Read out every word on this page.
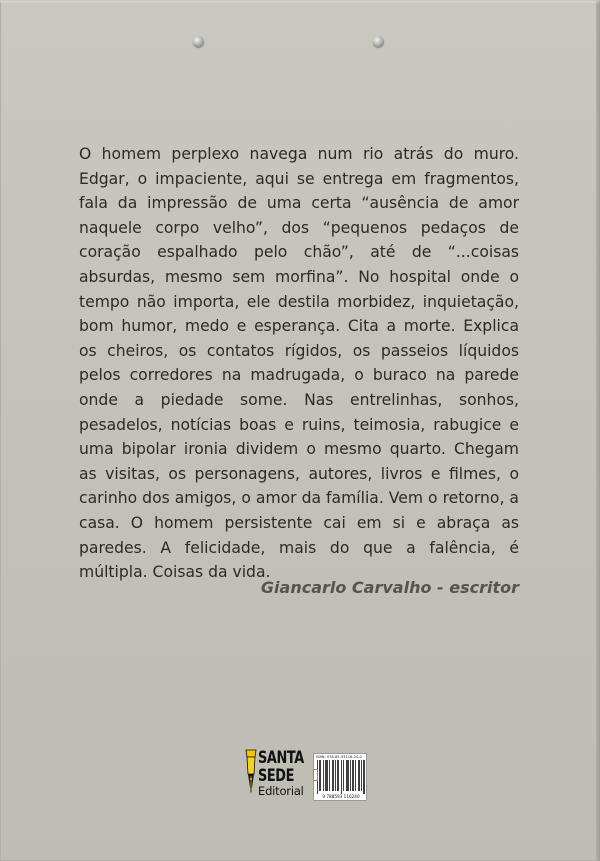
O homem perplexo navega num rio atrás do muro. Edgar, o impaciente, aqui se entrega em fragmentos, fala da impressão de uma certa “ausência de amor naquele corpo velho”, dos “pequenos pedaços de coração espalhado pelo chão”, até de “...coisas absurdas, mesmo sem morfina”. No hospital onde o tempo não importa, ele destila morbidez, inquietação, bom humor, medo e esperança. Cita a morte. Explica os cheiros, os contatos rígidos, os passeios líquidos pelos corredores na madrugada, o buraco na parede onde a piedade some. Nas entrelinhas, sonhos, pesadelos, notícias boas e ruins, teimosia, rabugice e uma bipolar ironia dividem o mesmo quarto. Chegam as visitas, os personagens, autores, livros e filmes, o carinho dos amigos, o amor da família. Vem o retorno, a casa. O homem persistente cai em si e abraça as paredes. A felicidade, mais do que a falência, é múltipla. Coisas da vida.

Giancarlo Carvalho - escritor

SANTA
SEDE
Editorial
ISBN: 978-85-93116-24-0
9 788593 116240
